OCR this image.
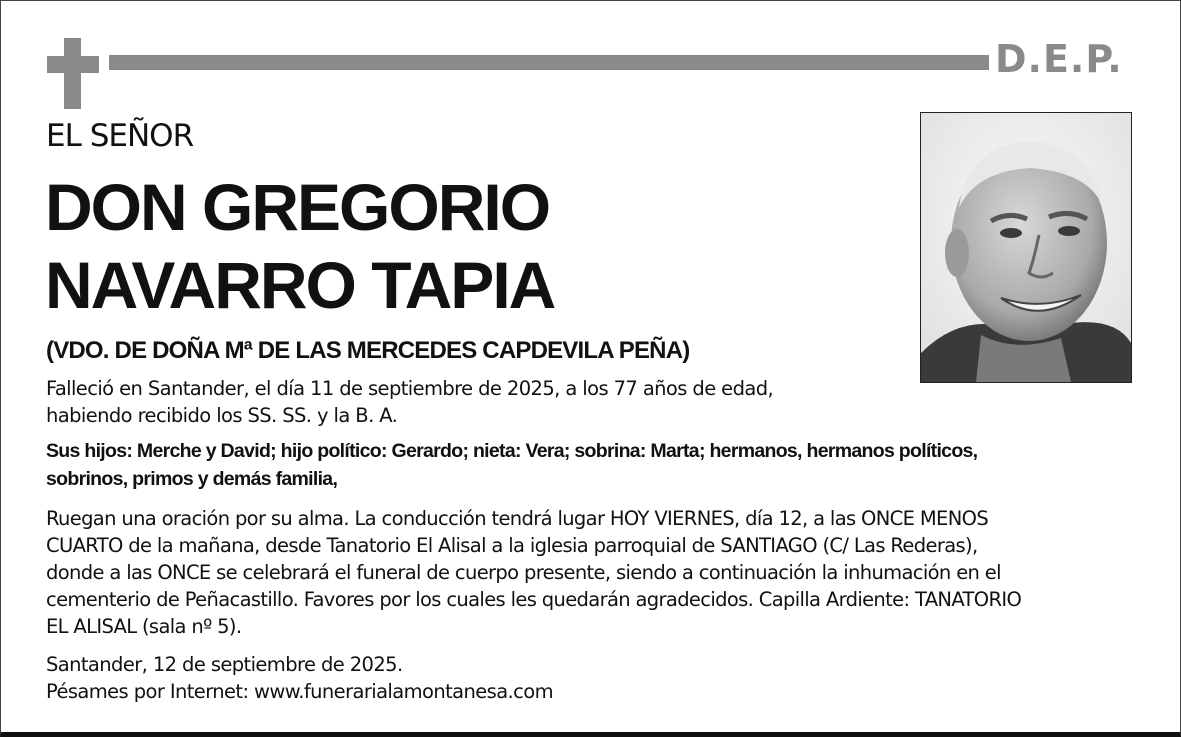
D.E.P.
EL SEÑOR
DON GREGORIO
NAVARRO TAPIA
(VDO. DE DOÑA Mª DE LAS MERCEDES CAPDEVILA PEÑA)
Falleció en Santander, el día 11 de septiembre de 2025, a los 77 años de edad,
habiendo recibido los SS. SS. y la B. A.
Sus hijos: Merche y David; hijo político: Gerardo; nieta: Vera; sobrina: Marta; hermanos, hermanos políticos,
sobrinos, primos y demás familia,
Ruegan una oración por su alma. La conducción tendrá lugar HOY VIERNES, día 12, a las ONCE MENOS
CUARTO de la mañana, desde Tanatorio El Alisal a la iglesia parroquial de SANTIAGO (C/ Las Rederas),
donde a las ONCE se celebrará el funeral de cuerpo presente, siendo a continuación la inhumación en el
cementerio de Peñacastillo. Favores por los cuales les quedarán agradecidos. Capilla Ardiente: TANATORIO
EL ALISAL (sala nº 5).
Santander, 12 de septiembre de 2025.
Pésames por Internet: www.funerarialamontanesa.com
